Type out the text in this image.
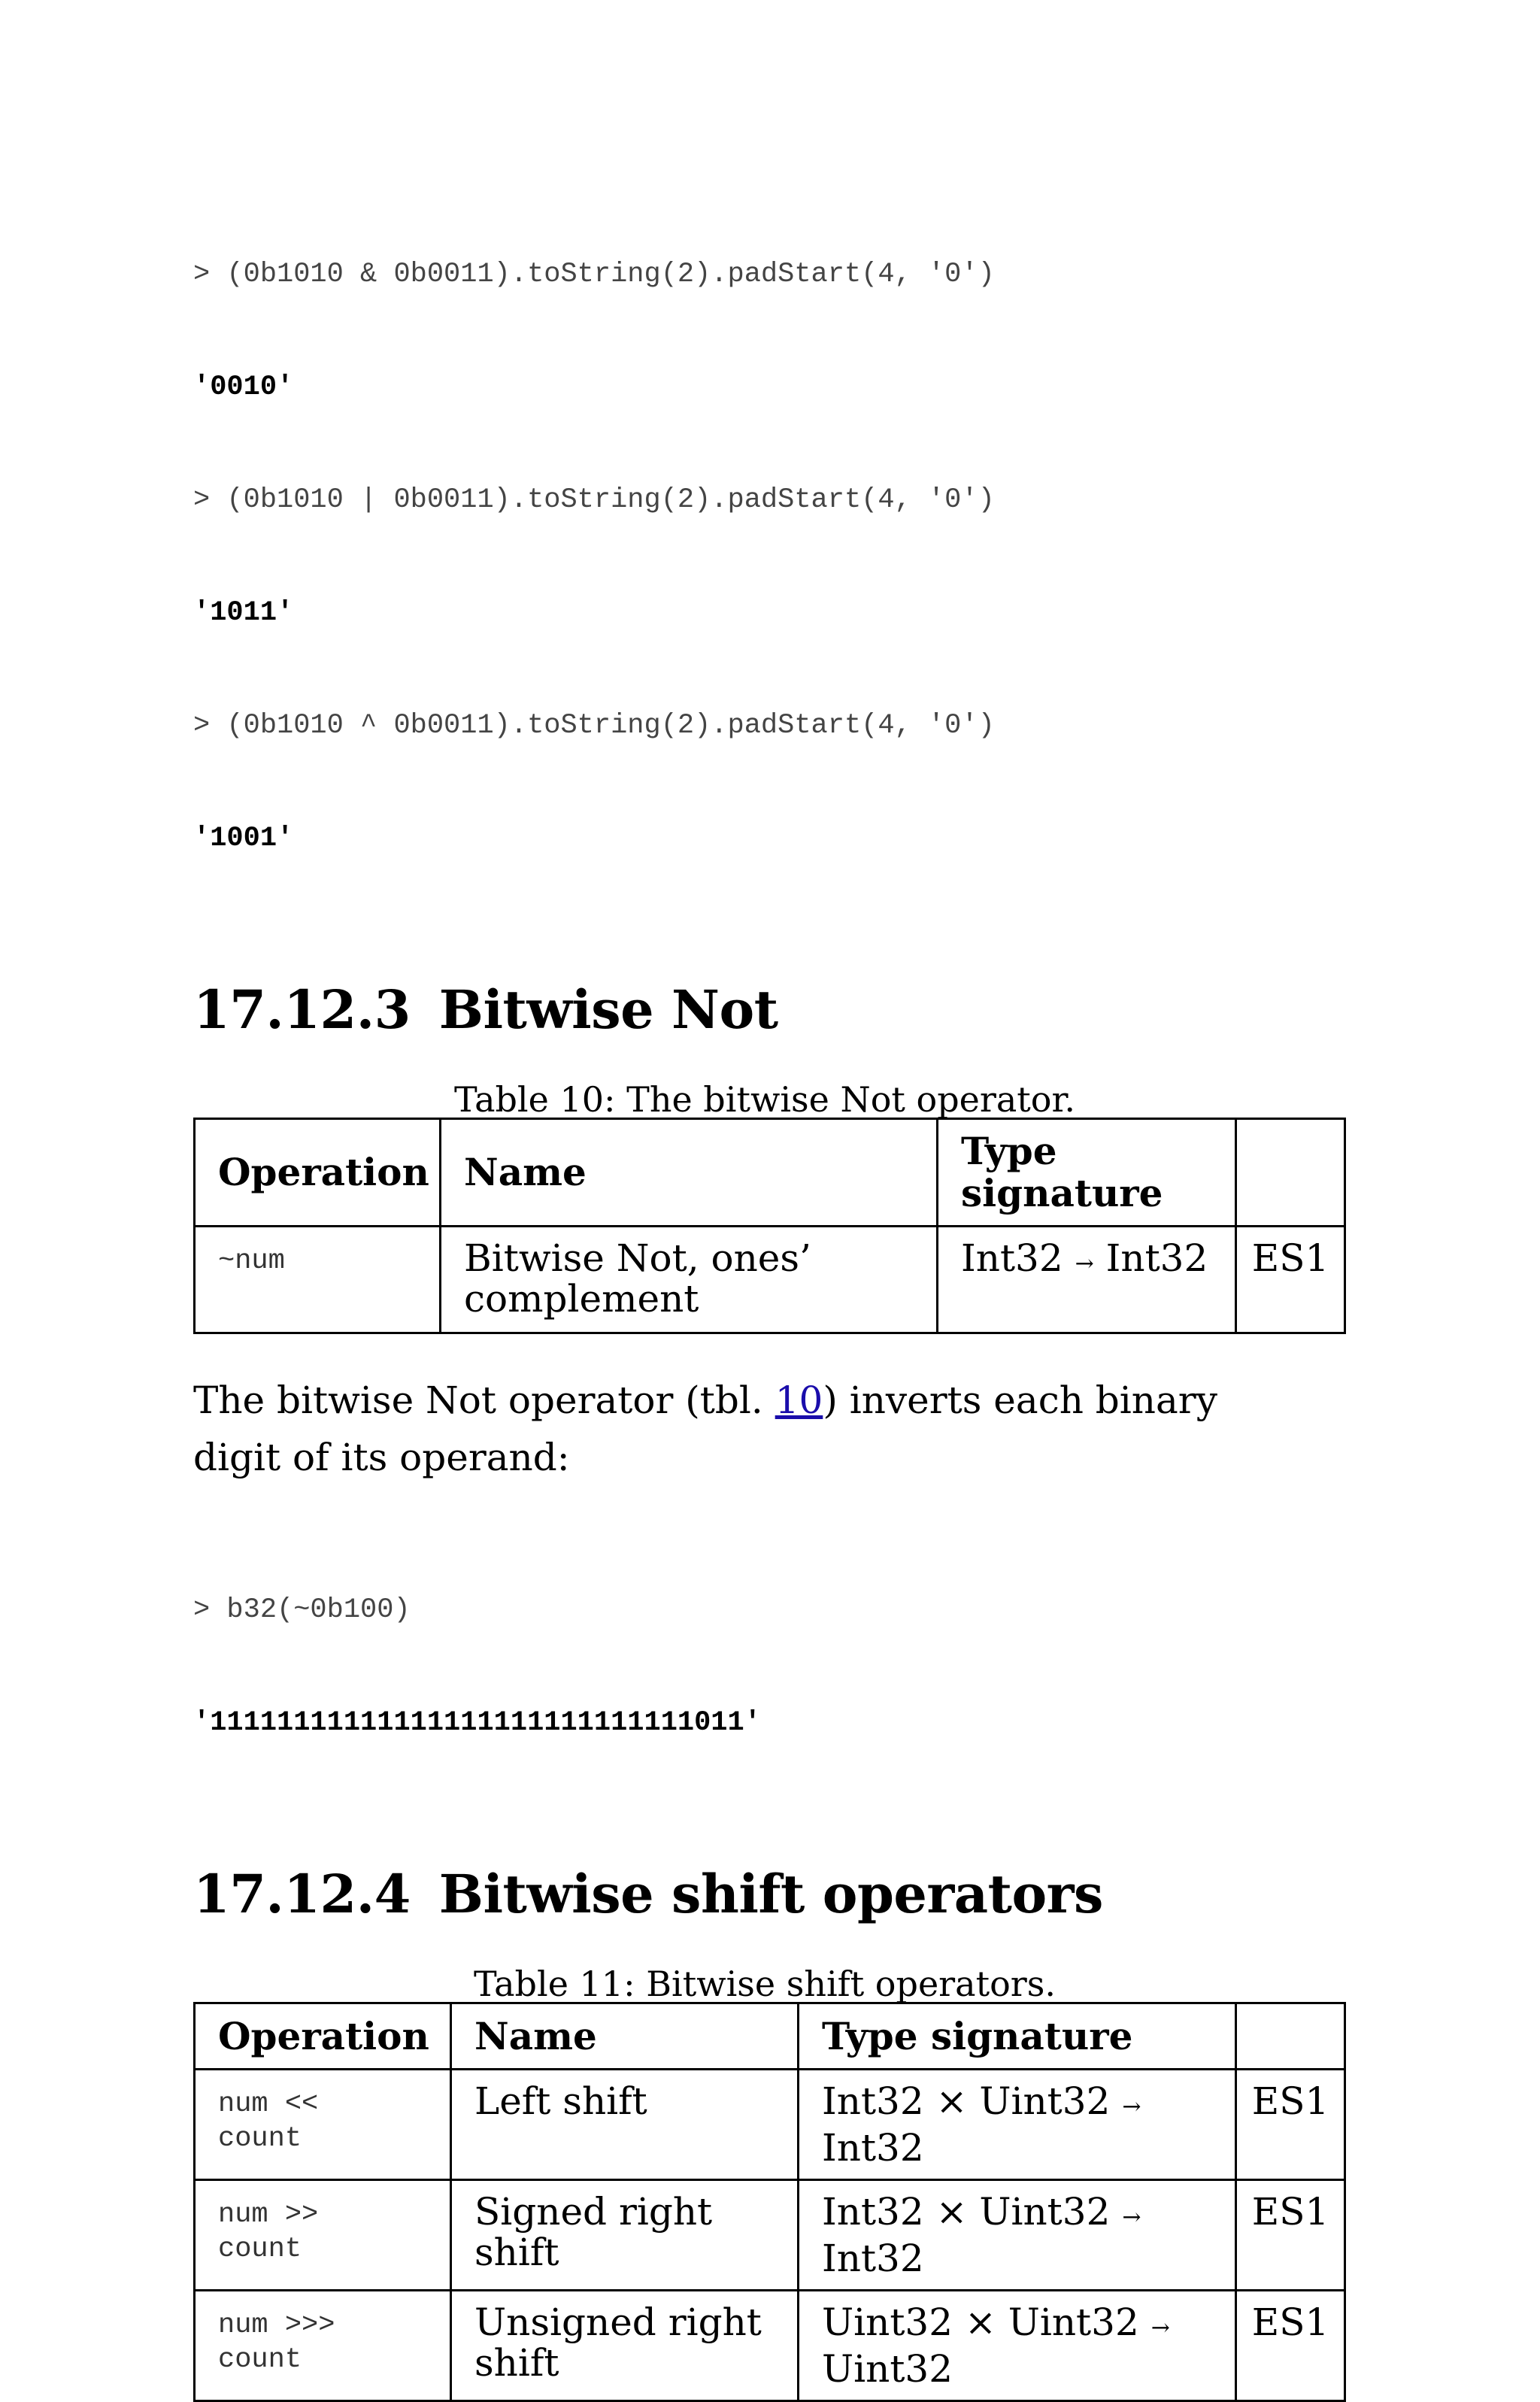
> (0b1010 & 0b0011).toString(2).padStart(4, '0')

'0010'

> (0b1010 | 0b0011).toString(2).padStart(4, '0')

'1011'

> (0b1010 ^ 0b0011).toString(2).padStart(4, '0')

'1001'

17.12.3 Bitwise Not
Table 10: The bitwise Not operator.
Operation	Name	Type signature	
~num	Bitwise Not, ones’ complement	Int32 → Int32	ES1

The bitwise Not operator (tbl. 10) inverts each binary digit of its operand:

> b32(~0b100)

'11111111111111111111111111111011'

17.12.4 Bitwise shift operators
Table 11: Bitwise shift operators.
Operation	Name	Type signature	

num <<
count	Left shift	Int32 × Uint32 → Int32	ES1

num >>
count	Signed right shift	Int32 × Uint32 → Int32	ES1

num >>>
count	Unsigned right shift	Uint32 × Uint32 → Uint32	ES1
